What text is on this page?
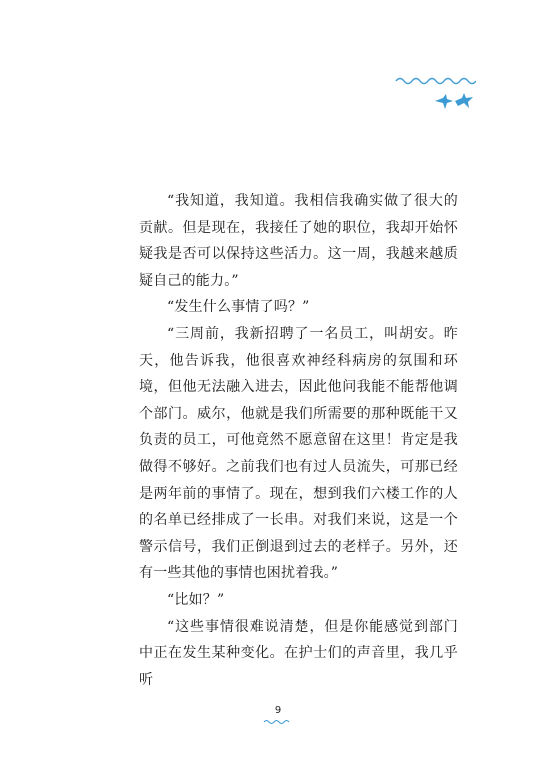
“我知道，我知道。我相信我确实做了很大的贡献。但是现在，我接任了她的职位，我却开始怀疑我是否可以保持这些活力。这一周，我越来越质疑自己的能力。”

“发生什么事情了吗？”

“三周前，我新招聘了一名员工，叫胡安。昨天，他告诉我，他很喜欢神经科病房的氛围和环境，但他无法融入进去，因此他问我能不能帮他调个部门。威尔，他就是我们所需要的那种既能干又负责的员工，可他竟然不愿意留在这里！肯定是我做得不够好。之前我们也有过人员流失，可那已经是两年前的事情了。现在，想到我们六楼工作的人的名单已经排成了一长串。对我们来说，这是一个警示信号，我们正倒退到过去的老样子。另外，还有一些其他的事情也困扰着我。”

“比如？”

“这些事情很难说清楚，但是你能感觉到部门中正在发生某种变化。在护士们的声音里，我几乎听

9
